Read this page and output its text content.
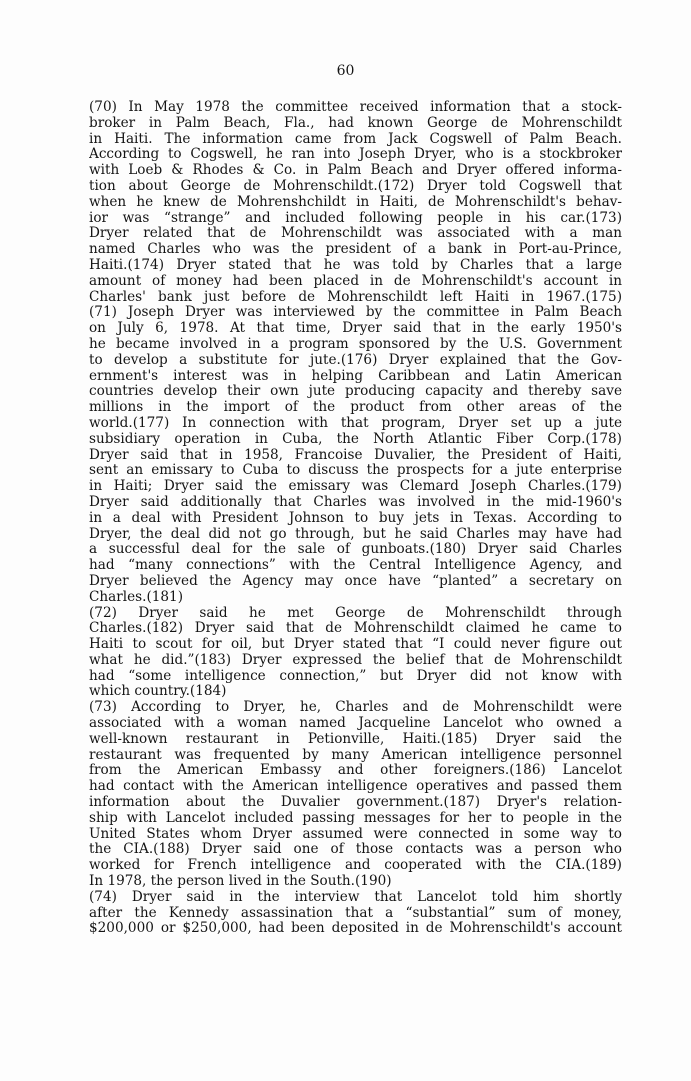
60
(70) In May 1978 the committee received information that a stock-
broker in Palm Beach, Fla., had known George de Mohrenschildt
in Haiti. The information came from Jack Cogswell of Palm Beach.
According to Cogswell, he ran into Joseph Dryer, who is a stockbroker
with Loeb & Rhodes & Co. in Palm Beach and Dryer offered informa-
tion about George de Mohrenschildt.(172) Dryer told Cogswell that
when he knew de Mohrenshchildt in Haiti, de Mohrenschildt's behav-
ior was “strange” and included following people in his car.(173)
Dryer related that de Mohrenschildt was associated with a man
named Charles who was the president of a bank in Port-au-Prince,
Haiti.(174) Dryer stated that he was told by Charles that a large
amount of money had been placed in de Mohrenschildt's account in
Charles' bank just before de Mohrenschildt left Haiti in 1967.(175)
(71) Joseph Dryer was interviewed by the committee in Palm Beach
on July 6, 1978. At that time, Dryer said that in the early 1950's
he became involved in a program sponsored by the U.S. Government
to develop a substitute for jute.(176) Dryer explained that the Gov-
ernment's interest was in helping Caribbean and Latin American
countries develop their own jute producing capacity and thereby save
millions in the import of the product from other areas of the
world.(177) In connection with that program, Dryer set up a jute
subsidiary operation in Cuba, the North Atlantic Fiber Corp.(178)
Dryer said that in 1958, Francoise Duvalier, the President of Haiti,
sent an emissary to Cuba to discuss the prospects for a jute enterprise
in Haiti; Dryer said the emissary was Clemard Joseph Charles.(179)
Dryer said additionally that Charles was involved in the mid-1960's
in a deal with President Johnson to buy jets in Texas. According to
Dryer, the deal did not go through, but he said Charles may have had
a successful deal for the sale of gunboats.(180) Dryer said Charles
had “many connections” with the Central Intelligence Agency, and
Dryer believed the Agency may once have “planted” a secretary on
Charles.(181)
(72) Dryer said he met George de Mohrenschildt through
Charles.(182) Dryer said that de Mohrenschildt claimed he came to
Haiti to scout for oil, but Dryer stated that “I could never figure out
what he did.”(183) Dryer expressed the belief that de Mohrenschildt
had “some intelligence connection,” but Dryer did not know with
which country.(184)
(73) According to Dryer, he, Charles and de Mohrenschildt were
associated with a woman named Jacqueline Lancelot who owned a
well-known restaurant in Petionville, Haiti.(185) Dryer said the
restaurant was frequented by many American intelligence personnel
from the American Embassy and other foreigners.(186) Lancelot
had contact with the American intelligence operatives and passed them
information about the Duvalier government.(187) Dryer's relation-
ship with Lancelot included passing messages for her to people in the
United States whom Dryer assumed were connected in some way to
the CIA.(188) Dryer said one of those contacts was a person who
worked for French intelligence and cooperated with the CIA.(189)
In 1978, the person lived in the South.(190)
(74) Dryer said in the interview that Lancelot told him shortly
after the Kennedy assassination that a “substantial” sum of money,
$200,000 or $250,000, had been deposited in de Mohrenschildt's account
